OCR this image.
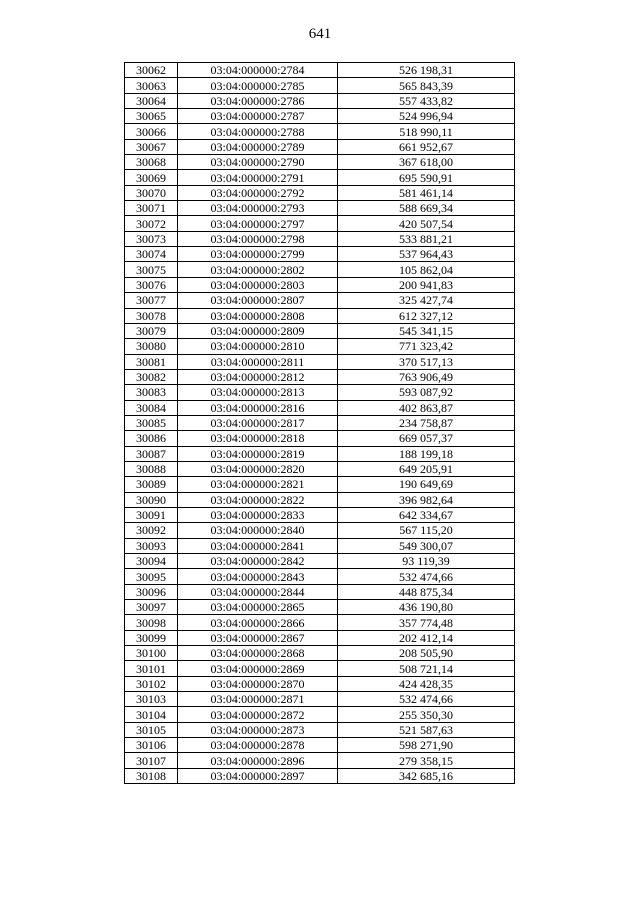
641
30062	03:04:000000:2784	526 198,31
30063	03:04:000000:2785	565 843,39
30064	03:04:000000:2786	557 433,82
30065	03:04:000000:2787	524 996,94
30066	03:04:000000:2788	518 990,11
30067	03:04:000000:2789	661 952,67
30068	03:04:000000:2790	367 618,00
30069	03:04:000000:2791	695 590,91
30070	03:04:000000:2792	581 461,14
30071	03:04:000000:2793	588 669,34
30072	03:04:000000:2797	420 507,54
30073	03:04:000000:2798	533 881,21
30074	03:04:000000:2799	537 964,43
30075	03:04:000000:2802	105 862,04
30076	03:04:000000:2803	200 941,83
30077	03:04:000000:2807	325 427,74
30078	03:04:000000:2808	612 327,12
30079	03:04:000000:2809	545 341,15
30080	03:04:000000:2810	771 323,42
30081	03:04:000000:2811	370 517,13
30082	03:04:000000:2812	763 906,49
30083	03:04:000000:2813	593 087,92
30084	03:04:000000:2816	402 863,87
30085	03:04:000000:2817	234 758,87
30086	03:04:000000:2818	669 057,37
30087	03:04:000000:2819	188 199,18
30088	03:04:000000:2820	649 205,91
30089	03:04:000000:2821	190 649,69
30090	03:04:000000:2822	396 982,64
30091	03:04:000000:2833	642 334,67
30092	03:04:000000:2840	567 115,20
30093	03:04:000000:2841	549 300,07
30094	03:04:000000:2842	93 119,39
30095	03:04:000000:2843	532 474,66
30096	03:04:000000:2844	448 875,34
30097	03:04:000000:2865	436 190,80
30098	03:04:000000:2866	357 774,48
30099	03:04:000000:2867	202 412,14
30100	03:04:000000:2868	208 505,90
30101	03:04:000000:2869	508 721,14
30102	03:04:000000:2870	424 428,35
30103	03:04:000000:2871	532 474,66
30104	03:04:000000:2872	255 350,30
30105	03:04:000000:2873	521 587,63
30106	03:04:000000:2878	598 271,90
30107	03:04:000000:2896	279 358,15
30108	03:04:000000:2897	342 685,16
